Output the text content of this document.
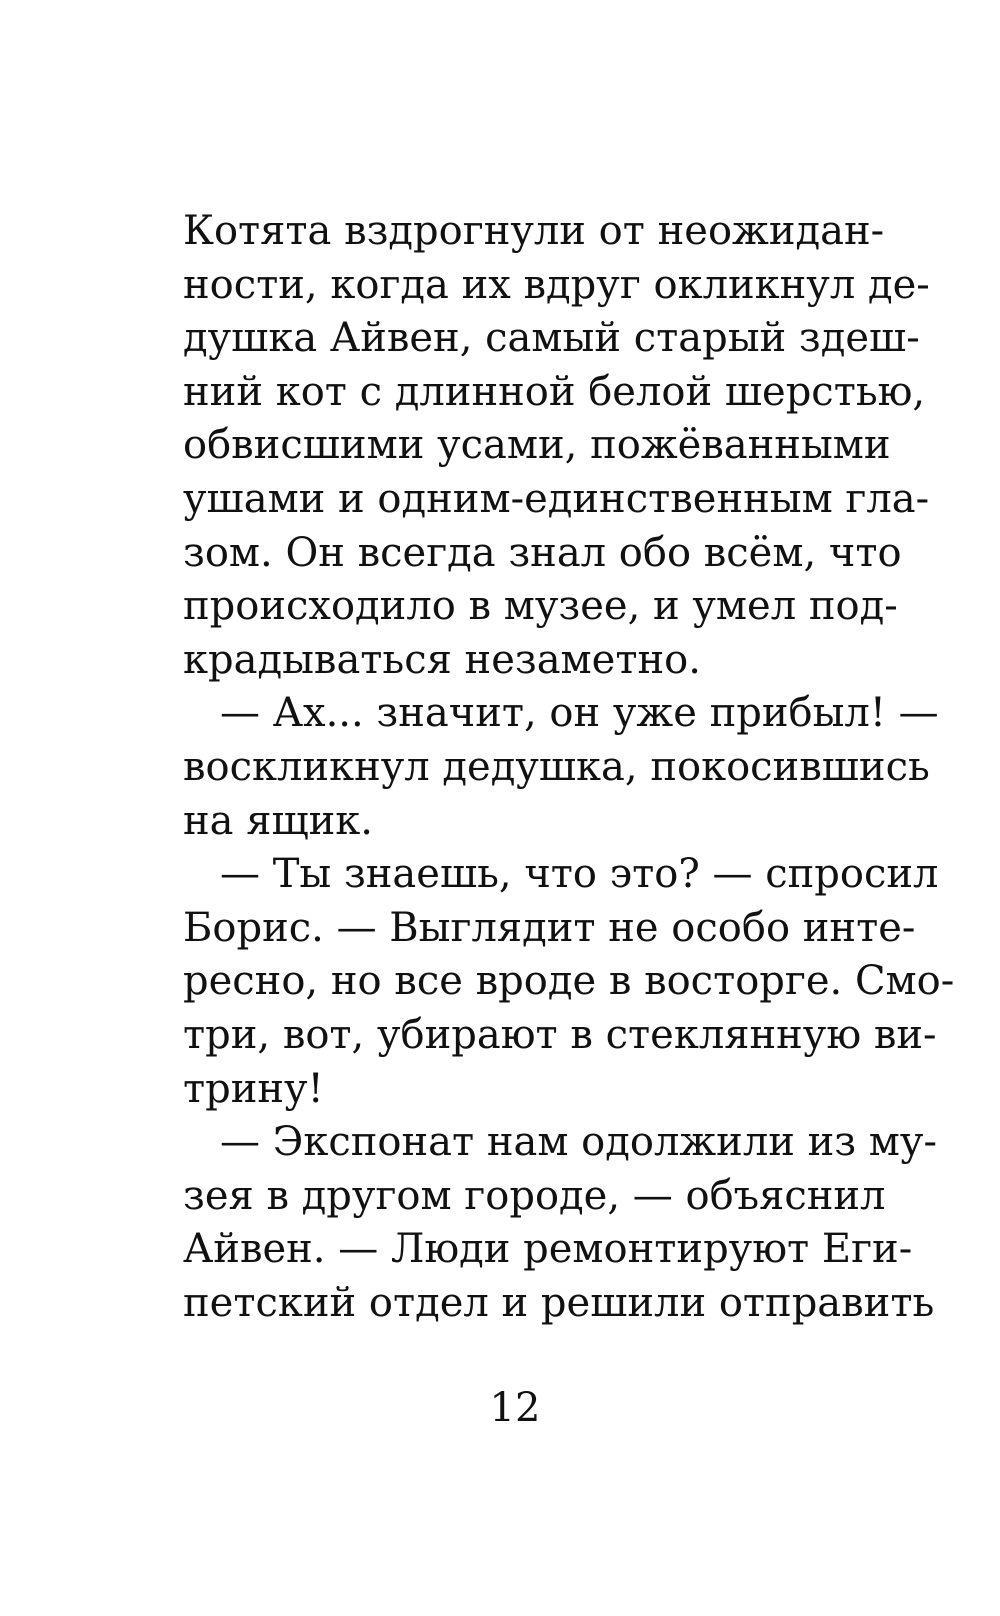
Котята вздрогнули от неожидан-
ности, когда их вдруг окликнул де-
душка Айвен, самый старый здеш-
ний кот с длинной белой шерстью,
обвисшими усами, пожёванными
ушами и одним-единственным гла-
зом. Он всегда знал обо всём, что
происходило в музее, и умел под-
крадываться незаметно.
— Ах... значит, он уже прибыл! —
воскликнул дедушка, покосившись
на ящик.
— Ты знаешь, что это? — спросил
Борис. — Выглядит не особо инте-
ресно, но все вроде в восторге. Смо-
три, вот, убирают в стеклянную ви-
трину!
— Экспонат нам одолжили из му-
зея в другом городе, — объяснил
Айвен. — Люди ремонтируют Еги-
петский отдел и решили отправить
12
